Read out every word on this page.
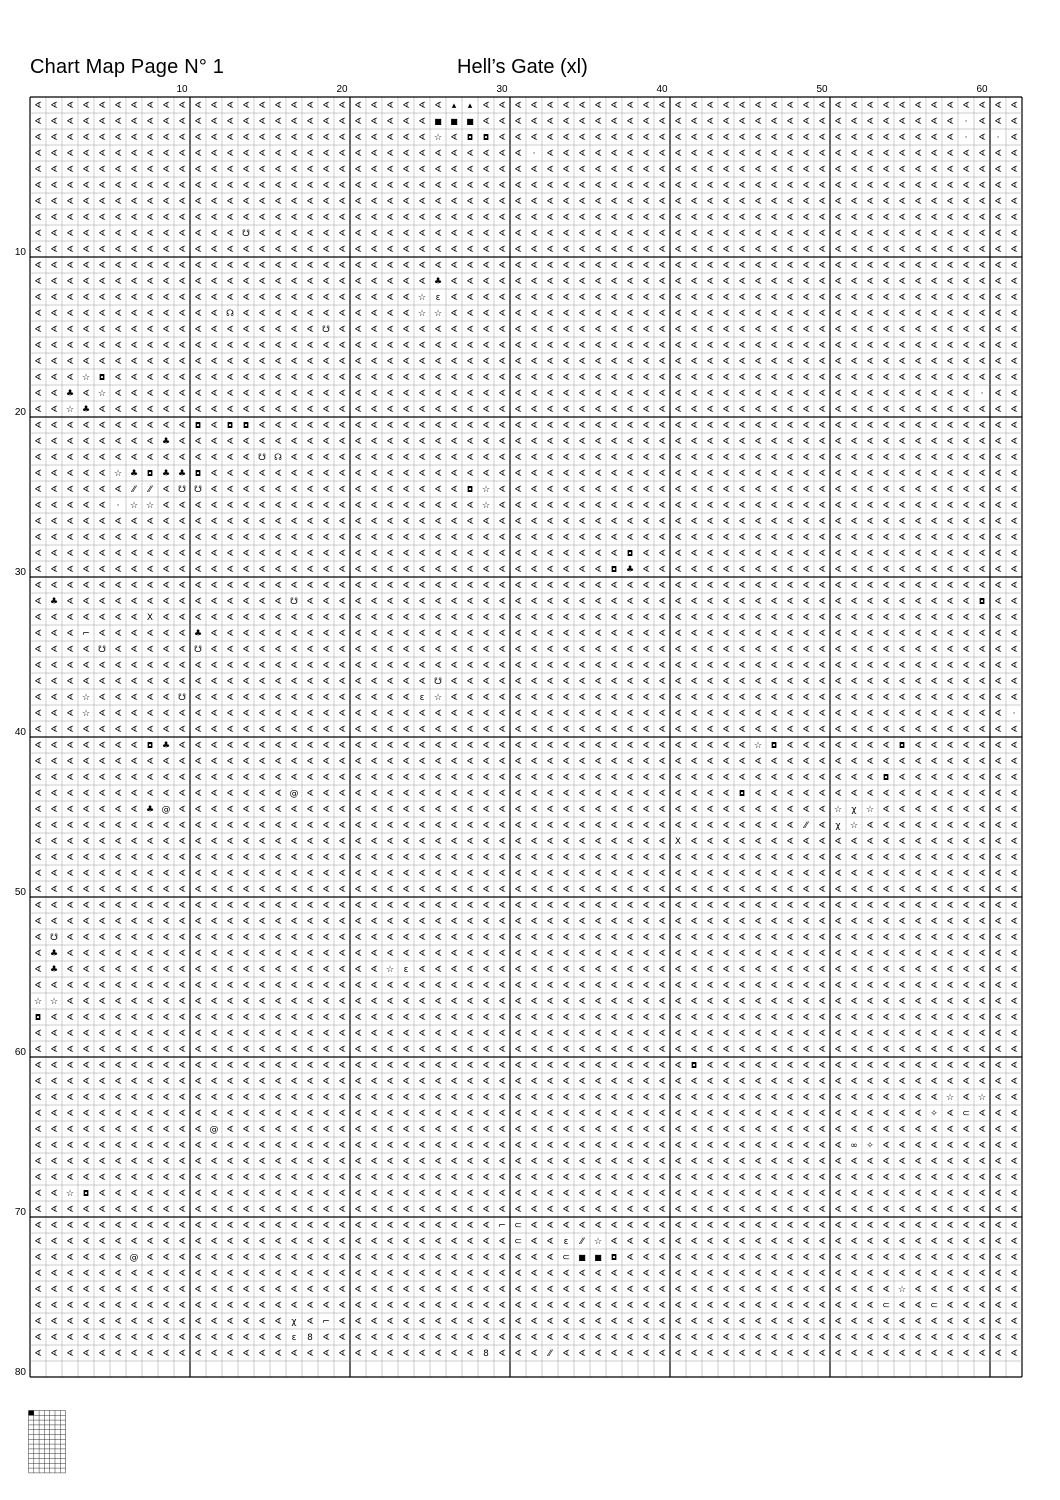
Chart Map Page N° 1	Hell’s Gate (xl)
∢ ∢ ∢ ∢ ∢ ∢ ∢ ∢ ∢ ∢ ∢ ∢ ∢ ∢ ∢ ∢ ∢ ∢ ∢ ∢ ∢ ∢ ∢ ∢ ∢ ∢ ▴ ▴ ∢ ∢ ∢ ∢ ∢ ∢ ∢ ∢ ∢ ∢ ∢ ∢ ∢ ∢ ∢ ∢ ∢ ∢ ∢ ∢ ∢ ∢ ∢ ∢ ∢ ∢ ∢ ∢ ∢ ∢ ∢ ∢ ∢ ∢
∢ ∢ ∢ ∢ ∢ ∢ ∢ ∢ ∢ ∢ ∢ ∢ ∢ ∢ ∢ ∢ ∢ ∢ ∢ ∢ ∢ ∢ ∢ ∢ ∢ ■ ■ ■ ∢ ∢ ∢ ∢ ∢ ∢ ∢ ∢ ∢ ∢ ∢ ∢ ∢ ∢ ∢ ∢ ∢ ∢ ∢ ∢ ∢ ∢ ∢ ∢ ∢ ∢ ∢ ∢ ∢ ∢ · ∢ ∢ ∢
∢ ∢ ∢ ∢ ∢ ∢ ∢ ∢ ∢ ∢ ∢ ∢ ∢ ∢ ∢ ∢ ∢ ∢ ∢ ∢ ∢ ∢ ∢ ∢ ∢ ☆ ∢ ◘ ◘ ∢ ∢ ∢ ∢ ∢ ∢ ∢ ∢ ∢ ∢ ∢ ∢ ∢ ∢ ∢ ∢ ∢ ∢ ∢ ∢ ∢ ∢ ∢ ∢ ∢ ∢ ∢ ∢ ∢ · ∢ · ∢
∢ ∢ ∢ ∢ ∢ ∢ ∢ ∢ ∢ ∢ ∢ ∢ ∢ ∢ ∢ ∢ ∢ ∢ ∢ ∢ ∢ ∢ ∢ ∢ ∢ ∢ ∢ ∢ ∢ ∢ ∢ · ∢ ∢ ∢ ∢ ∢ ∢ ∢ ∢ ∢ ∢ ∢ ∢ ∢ ∢ ∢ ∢ ∢ ∢ ∢ ∢ ∢ ∢ ∢ ∢ ∢ ∢ ∢ ∢ ∢ ∢
∢ ∢ ∢ ∢ ∢ ∢ ∢ ∢ ∢ ∢ ∢ ∢ ∢ ∢ ∢ ∢ ∢ ∢ ∢ ∢ ∢ ∢ ∢ ∢ ∢ ∢ ∢ ∢ ∢ ∢ ∢ ∢ ∢ ∢ ∢ ∢ ∢ ∢ ∢ ∢ ∢ ∢ ∢ ∢ ∢ ∢ ∢ ∢ ∢ ∢ ∢ ∢ ∢ ∢ ∢ ∢ ∢ ∢ ∢ ∢ ∢ ∢
∢ ∢ ∢ ∢ ∢ ∢ ∢ ∢ ∢ ∢ ∢ ∢ ∢ ∢ ∢ ∢ ∢ ∢ ∢ ∢ ∢ ∢ ∢ ∢ ∢ ∢ ∢ ∢ ∢ ∢ ∢ ∢ ∢ ∢ ∢ ∢ ∢ ∢ ∢ ∢ ∢ ∢ ∢ ∢ ∢ ∢ ∢ ∢ ∢ ∢ ∢ ∢ ∢ ∢ ∢ ∢ ∢ ∢ ∢ ∢ ∢ ∢
∢ ∢ ∢ ∢ ∢ ∢ ∢ ∢ ∢ ∢ ∢ ∢ ∢ ∢ ∢ ∢ ∢ ∢ ∢ ∢ ∢ ∢ ∢ ∢ ∢ ∢ ∢ ∢ ∢ ∢ ∢ ∢ ∢ ∢ ∢ ∢ ∢ ∢ ∢ ∢ ∢ ∢ ∢ ∢ ∢ ∢ ∢ ∢ ∢ ∢ ∢ ∢ ∢ ∢ ∢ ∢ ∢ ∢ ∢ ∢ ∢ ∢
∢ ∢ ∢ ∢ ∢ ∢ ∢ ∢ ∢ ∢ ∢ ∢ ∢ ∢ ∢ ∢ ∢ ∢ ∢ ∢ ∢ ∢ ∢ ∢ ∢ ∢ ∢ ∢ ∢ ∢ ∢ ∢ ∢ ∢ ∢ ∢ ∢ ∢ ∢ ∢ ∢ ∢ ∢ ∢ ∢ ∢ ∢ ∢ ∢ ∢ ∢ ∢ ∢ ∢ ∢ ∢ ∢ ∢ ∢ ∢ ∢ ∢
∢ ∢ ∢ ∢ ∢ ∢ ∢ ∢ ∢ ∢ ∢ ∢ ∢ ☋ ∢ ∢ ∢ ∢ ∢ ∢ ∢ ∢ ∢ ∢ ∢ ∢ ∢ ∢ ∢ ∢ ∢ ∢ ∢ ∢ ∢ ∢ ∢ ∢ ∢ ∢ ∢ ∢ ∢ ∢ ∢ ∢ ∢ ∢ ∢ ∢ ∢ ∢ ∢ ∢ ∢ ∢ ∢ ∢ ∢ ∢ ∢ ∢
∢ ∢ ∢ ∢ ∢ ∢ ∢ ∢ ∢ ∢ ∢ ∢ ∢ ∢ ∢ ∢ ∢ ∢ ∢ ∢ ∢ ∢ ∢ ∢ ∢ ∢ ∢ ∢ ∢ ∢ ∢ ∢ ∢ ∢ ∢ ∢ ∢ ∢ ∢ ∢ ∢ ∢ ∢ ∢ ∢ ∢ ∢ ∢ ∢ ∢ ∢ ∢ ∢ ∢ ∢ ∢ ∢ ∢ ∢ ∢ ∢ ∢
∢ ∢ ∢ ∢ ∢ ∢ ∢ ∢ ∢ ∢ ∢ ∢ ∢ ∢ ∢ ∢ ∢ ∢ ∢ ∢ ∢ ∢ ∢ ∢ ∢ ∢ ∢ ∢ ∢ ∢ ∢ ∢ ∢ ∢ ∢ ∢ ∢ ∢ ∢ ∢ ∢ ∢ ∢ ∢ ∢ ∢ ∢ ∢ ∢ ∢ ∢ ∢ ∢ ∢ ∢ ∢ ∢ ∢ ∢ ∢ ∢ ∢
∢ ∢ ∢ ∢ ∢ ∢ ∢ ∢ ∢ ∢ ∢ ∢ ∢ ∢ ∢ ∢ ∢ ∢ ∢ ∢ ∢ ∢ ∢ ∢ ∢ ♣ ∢ ∢ ∢ ∢ ∢ ∢ ∢ ∢ ∢ ∢ ∢ ∢ ∢ ∢ ∢ ∢ ∢ ∢ ∢ ∢ ∢ ∢ ∢ ∢ ∢ ∢ ∢ ∢ ∢ ∢ ∢ ∢ ∢ ∢ ∢ ∢
∢ ∢ ∢ ∢ ∢ ∢ ∢ ∢ ∢ ∢ ∢ ∢ ∢ ∢ ∢ ∢ ∢ ∢ ∢ ∢ ∢ ∢ ∢ ∢ ☆ ε ∢ ∢ ∢ ∢ ∢ ∢ ∢ ∢ ∢ ∢ ∢ ∢ ∢ ∢ ∢ ∢ ∢ ∢ ∢ ∢ ∢ ∢ ∢ ∢ ∢ ∢ ∢ ∢ ∢ ∢ ∢ ∢ ∢ ∢ ∢ ∢
∢ ∢ ∢ ∢ ∢ ∢ ∢ ∢ ∢ ∢ ∢ ∢ ☊ ∢ ∢ ∢ ∢ ∢ ∢ ∢ ∢ ∢ ∢ ∢ ☆ ☆ ∢ ∢ ∢ ∢ ∢ ∢ ∢ ∢ ∢ ∢ ∢ ∢ ∢ ∢ ∢ ∢ ∢ ∢ ∢ ∢ ∢ ∢ ∢ ∢ ∢ ∢ ∢ ∢ ∢ ∢ ∢ ∢ ∢ ∢ ∢ ∢
∢ ∢ ∢ ∢ ∢ ∢ ∢ ∢ ∢ ∢ ∢ ∢ ∢ ∢ ∢ ∢ ∢ ∢ ☋ ∢ ∢ ∢ ∢ ∢ ∢ ∢ ∢ ∢ ∢ ∢ ∢ ∢ ∢ ∢ ∢ ∢ ∢ ∢ ∢ ∢ ∢ ∢ ∢ ∢ ∢ ∢ ∢ ∢ ∢ ∢ ∢ ∢ ∢ ∢ ∢ ∢ ∢ ∢ ∢ ∢ ∢ ∢
∢ ∢ ∢ ∢ ∢ ∢ ∢ ∢ ∢ ∢ ∢ ∢ ∢ ∢ ∢ ∢ ∢ ∢ ∢ ∢ ∢ ∢ ∢ ∢ ∢ ∢ ∢ ∢ ∢ ∢ ∢ ∢ ∢ ∢ ∢ ∢ ∢ ∢ ∢ ∢ ∢ ∢ ∢ ∢ ∢ ∢ ∢ ∢ ∢ ∢ ∢ ∢ ∢ ∢ ∢ ∢ ∢ ∢ ∢ ∢ ∢ ∢
∢ ∢ ∢ ∢ ∢ ∢ ∢ ∢ ∢ ∢ ∢ ∢ ∢ ∢ ∢ ∢ ∢ ∢ ∢ ∢ ∢ ∢ ∢ ∢ ∢ ∢ ∢ ∢ ∢ ∢ ∢ ∢ ∢ ∢ ∢ ∢ ∢ ∢ ∢ ∢ ∢ ∢ ∢ ∢ ∢ ∢ ∢ ∢ ∢ ∢ ∢ ∢ ∢ ∢ ∢ ∢ ∢ ∢ ∢ ∢ ∢ ∢
∢ ∢ ∢ ☆ ◘ ∢ ∢ ∢ ∢ ∢ ∢ ∢ ∢ ∢ ∢ ∢ ∢ ∢ ∢ ∢ ∢ ∢ ∢ ∢ ∢ ∢ ∢ ∢ ∢ ∢ ∢ ∢ ∢ ∢ ∢ ∢ ∢ ∢ ∢ ∢ ∢ ∢ ∢ ∢ ∢ ∢ ∢ ∢ ∢ ∢ ∢ ∢ ∢ ∢ ∢ ∢ ∢ ∢ ∢ ∢ ∢ ∢
∢ ∢ ♣ ∢ ☆ ∢ ∢ ∢ ∢ ∢ ∢ ∢ ∢ ∢ ∢ ∢ ∢ ∢ ∢ ∢ ∢ ∢ ∢ ∢ ∢ ∢ ∢ ∢ ∢ ∢ ∢ ∢ ∢ ∢ ∢ ∢ ∢ ∢ ∢ ∢ ∢ ∢ ∢ ∢ ∢ ∢ ∢ ∢ ∢ ∢ ∢ ∢ ∢ ∢ ∢ ∢ ∢ ∢ ∢ · ∢ ∢
∢ ∢ ☆ ♣ ∢ ∢ ∢ ∢ ∢ ∢ ∢ ∢ ∢ ∢ ∢ ∢ ∢ ∢ ∢ ∢ ∢ ∢ ∢ ∢ ∢ ∢ ∢ ∢ ∢ ∢ ∢ ∢ ∢ ∢ ∢ ∢ ∢ ∢ ∢ ∢ ∢ ∢ ∢ ∢ ∢ ∢ ∢ ∢ ∢ ∢ ∢ ∢ ∢ ∢ ∢ ∢ ∢ ∢ ∢ ∢ ∢ ∢
∢ ∢ ∢ ∢ ∢ ∢ ∢ ∢ ∢ ∢ ◘ ∢ ◘ ◘ ∢ ∢ ∢ ∢ ∢ ∢ ∢ ∢ ∢ ∢ ∢ ∢ ∢ ∢ ∢ ∢ ∢ ∢ ∢ ∢ ∢ ∢ ∢ ∢ ∢ ∢ ∢ ∢ ∢ ∢ ∢ ∢ ∢ ∢ ∢ ∢ ∢ ∢ ∢ ∢ ∢ ∢ ∢ ∢ ∢ ∢ ∢ ∢
∢ ∢ ∢ ∢ ∢ ∢ ∢ ∢ ♣ ∢ ∢ ∢ ∢ ∢ ∢ ∢ ∢ ∢ ∢ ∢ ∢ ∢ ∢ ∢ ∢ ∢ ∢ ∢ ∢ ∢ ∢ ∢ ∢ ∢ ∢ ∢ ∢ ∢ ∢ ∢ ∢ ∢ ∢ ∢ ∢ ∢ ∢ ∢ ∢ ∢ ∢ ∢ ∢ ∢ ∢ ∢ ∢ ∢ ∢ ∢ ∢ ∢
∢ ∢ ∢ ∢ ∢ ∢ ∢ ∢ ∢ ∢ ∢ ∢ ∢ ∢ ☋ ☊ ∢ ∢ ∢ ∢ ∢ ∢ ∢ ∢ ∢ ∢ ∢ ∢ ∢ ∢ ∢ ∢ ∢ ∢ ∢ ∢ ∢ ∢ ∢ ∢ ∢ ∢ ∢ ∢ ∢ ∢ ∢ ∢ ∢ ∢ ∢ ∢ ∢ ∢ ∢ ∢ ∢ ∢ ∢ ∢ ∢ ∢
∢ ∢ ∢ ∢ ∢ ☆ ♣ ◘ ♣ ♣ ◘ ∢ ∢ ∢ ∢ ∢ ∢ ∢ ∢ ∢ ∢ ∢ ∢ ∢ ∢ ∢ ∢ ∢ ∢ ∢ ∢ ∢ ∢ ∢ ∢ ∢ ∢ ∢ ∢ ∢ ∢ ∢ ∢ ∢ ∢ ∢ ∢ ∢ ∢ ∢ ∢ ∢ ∢ ∢ ∢ ∢ ∢ ∢ ∢ ∢ ∢ ∢
∢ ∢ ∢ ∢ ∢ ∢ ⁄⁄ ⁄⁄ ∢ ☋ ☋ ∢ ∢ ∢ ∢ ∢ ∢ ∢ ∢ ∢ ∢ ∢ ∢ ∢ ∢ ∢ ∢ ◘ ☆ ∢ ∢ ∢ ∢ ∢ ∢ ∢ ∢ ∢ ∢ ∢ ∢ ∢ ∢ ∢ ∢ ∢ ∢ ∢ ∢ ∢ ∢ ∢ ∢ ∢ ∢ ∢ ∢ ∢ ∢ ∢ ∢ ∢
∢ ∢ ∢ ∢ ∢ · ☆ ☆ ∢ ∢ ∢ ∢ ∢ ∢ ∢ ∢ ∢ ∢ ∢ ∢ ∢ ∢ ∢ ∢ ∢ ∢ ∢ ∢ ☆ ∢ ∢ ∢ ∢ ∢ ∢ ∢ ∢ ∢ ∢ ∢ ∢ ∢ ∢ ∢ ∢ ∢ ∢ ∢ ∢ ∢ ∢ ∢ ∢ ∢ ∢ ∢ ∢ ∢ ∢ ∢ ∢ ∢
∢ ∢ ∢ ∢ ∢ ∢ ∢ ∢ ∢ ∢ ∢ ∢ ∢ ∢ ∢ ∢ ∢ ∢ ∢ ∢ ∢ ∢ ∢ ∢ ∢ ∢ ∢ ∢ ∢ ∢ ∢ ∢ ∢ ∢ ∢ ∢ ∢ ∢ ∢ ∢ ∢ ∢ ∢ ∢ ∢ ∢ ∢ ∢ ∢ ∢ ∢ ∢ ∢ ∢ ∢ ∢ ∢ ∢ ∢ ∢ ∢ ∢
∢ ∢ ∢ ∢ ∢ ∢ ∢ ∢ ∢ ∢ ∢ ∢ ∢ ∢ ∢ ∢ ∢ ∢ ∢ ∢ ∢ ∢ ∢ ∢ ∢ ∢ ∢ ∢ ∢ ∢ ∢ ∢ ∢ ∢ ∢ ∢ ∢ ∢ ∢ ∢ ∢ ∢ ∢ ∢ ∢ ∢ ∢ ∢ ∢ ∢ ∢ ∢ ∢ ∢ ∢ ∢ ∢ ∢ ∢ ∢ ∢ ∢
∢ ∢ ∢ ∢ ∢ ∢ ∢ ∢ ∢ ∢ ∢ ∢ ∢ ∢ ∢ ∢ ∢ ∢ ∢ ∢ ∢ ∢ ∢ ∢ ∢ ∢ ∢ ∢ ∢ ∢ ∢ ∢ ∢ ∢ ∢ ∢ ∢ ◘ ∢ ∢ ∢ ∢ ∢ ∢ ∢ ∢ ∢ ∢ ∢ ∢ ∢ ∢ ∢ ∢ ∢ ∢ ∢ ∢ ∢ ∢ ∢ ∢
∢ ∢ ∢ ∢ ∢ ∢ ∢ ∢ ∢ ∢ ∢ ∢ ∢ ∢ ∢ ∢ ∢ ∢ ∢ ∢ ∢ ∢ ∢ ∢ ∢ ∢ ∢ ∢ ∢ ∢ ∢ ∢ ∢ ∢ ∢ ∢ ◘ ♣ ∢ ∢ ∢ ∢ ∢ ∢ ∢ ∢ ∢ ∢ ∢ ∢ ∢ ∢ ∢ ∢ ∢ ∢ ∢ ∢ ∢ ∢ ∢ ∢
∢ ∢ ∢ ∢ ∢ ∢ ∢ ∢ ∢ ∢ ∢ ∢ ∢ ∢ ∢ ∢ ∢ ∢ ∢ ∢ ∢ ∢ ∢ ∢ ∢ ∢ ∢ ∢ ∢ ∢ ∢ ∢ ∢ ∢ ∢ ∢ ∢ ∢ ∢ ∢ ∢ ∢ ∢ ∢ ∢ ∢ ∢ ∢ ∢ ∢ ∢ ∢ ∢ ∢ ∢ ∢ ∢ ∢ ∢ ∢ ∢ ∢
∢ ♣ ∢ ∢ ∢ ∢ ∢ ∢ ∢ ∢ ∢ ∢ ∢ ∢ ∢ ∢ ☋ ∢ ∢ ∢ ∢ ∢ ∢ ∢ ∢ ∢ ∢ ∢ ∢ ∢ ∢ ∢ ∢ ∢ ∢ ∢ ∢ ∢ ∢ ∢ ∢ ∢ ∢ ∢ ∢ ∢ ∢ ∢ ∢ ∢ ∢ ∢ ∢ ∢ ∢ ∢ ∢ ∢ ∢ ◘ ∢ ∢
∢ ∢ ∢ ∢ ∢ ∢ ∢ X ∢ ∢ ∢ ∢ ∢ ∢ ∢ ∢ ∢ ∢ ∢ ∢ ∢ ∢ ∢ ∢ ∢ ∢ ∢ ∢ ∢ ∢ ∢ ∢ ∢ ∢ ∢ ∢ ∢ ∢ ∢ ∢ ∢ ∢ ∢ ∢ ∢ ∢ ∢ ∢ ∢ ∢ ∢ ∢ ∢ ∢ ∢ ∢ ∢ ∢ ∢ ∢ ∢ ∢
∢ ∢ ∢ ⌐ ∢ ∢ ∢ ∢ ∢ ∢ ♣ ∢ ∢ ∢ ∢ ∢ ∢ ∢ ∢ ∢ ∢ ∢ ∢ ∢ ∢ ∢ ∢ ∢ ∢ ∢ ∢ ∢ ∢ ∢ ∢ ∢ ∢ ∢ ∢ ∢ ∢ ∢ ∢ ∢ ∢ ∢ ∢ ∢ ∢ ∢ ∢ ∢ ∢ ∢ ∢ ∢ ∢ ∢ ∢ ∢ ∢ ∢
∢ ∢ ∢ ∢ ☋ ∢ ∢ ∢ ∢ ∢ ☋ ∢ ∢ ∢ ∢ ∢ ∢ ∢ ∢ ∢ ∢ ∢ ∢ ∢ ∢ ∢ ∢ ∢ ∢ ∢ ∢ ∢ ∢ ∢ ∢ ∢ ∢ ∢ ∢ ∢ ∢ ∢ ∢ ∢ ∢ ∢ ∢ ∢ ∢ ∢ ∢ ∢ ∢ ∢ ∢ ∢ ∢ ∢ ∢ ∢ ∢ ∢
∢ ∢ ∢ ∢ ∢ ∢ ∢ ∢ ∢ ∢ ∢ ∢ ∢ ∢ ∢ ∢ ∢ ∢ ∢ ∢ ∢ ∢ ∢ ∢ ∢ ∢ ∢ ∢ ∢ ∢ ∢ ∢ ∢ ∢ ∢ ∢ ∢ ∢ ∢ ∢ ∢ ∢ ∢ ∢ ∢ ∢ ∢ ∢ ∢ ∢ ∢ ∢ ∢ ∢ ∢ ∢ ∢ ∢ ∢ ∢ ∢ ∢
∢ ∢ ∢ ∢ ∢ ∢ ∢ ∢ ∢ ∢ ∢ ∢ ∢ ∢ ∢ ∢ ∢ ∢ ∢ ∢ ∢ ∢ ∢ ∢ ∢ ☋ ∢ ∢ ∢ ∢ ∢ ∢ ∢ ∢ ∢ ∢ ∢ ∢ ∢ ∢ ∢ ∢ ∢ ∢ ∢ ∢ ∢ ∢ ∢ ∢ ∢ ∢ ∢ ∢ ∢ ∢ ∢ ∢ ∢ ∢ ∢ ∢
∢ ∢ ∢ ☆ ∢ ∢ ∢ ∢ ∢ ☋ ∢ ∢ ∢ ∢ ∢ ∢ ∢ ∢ ∢ ∢ ∢ ∢ ∢ ∢ ε ☆ ∢ ∢ ∢ ∢ ∢ ∢ ∢ ∢ ∢ ∢ ∢ ∢ ∢ ∢ ∢ ∢ ∢ ∢ ∢ ∢ ∢ ∢ ∢ ∢ ∢ ∢ ∢ ∢ ∢ ∢ ∢ ∢ ∢ ∢ ∢ ∢
∢ ∢ ∢ ☆ ∢ ∢ ∢ ∢ ∢ ∢ ∢ ∢ ∢ ∢ ∢ ∢ ∢ ∢ ∢ ∢ ∢ ∢ ∢ ∢ ∢ ∢ ∢ ∢ ∢ ∢ ∢ ∢ ∢ ∢ ∢ ∢ ∢ ∢ ∢ ∢ ∢ ∢ ∢ ∢ ∢ ∢ ∢ ∢ ∢ ∢ ∢ ∢ ∢ ∢ ∢ ∢ ∢ ∢ ∢ ∢ ∢ ·
∢ ∢ ∢ ∢ ∢ ∢ ∢ ∢ ∢ ∢ ∢ ∢ ∢ ∢ ∢ ∢ ∢ ∢ ∢ ∢ ∢ ∢ ∢ ∢ ∢ ∢ ∢ ∢ ∢ ∢ ∢ ∢ ∢ ∢ ∢ ∢ ∢ ∢ ∢ ∢ ∢ ∢ ∢ ∢ ∢ ∢ ∢ ∢ ∢ ∢ ∢ ∢ ∢ ∢ ∢ ∢ ∢ ∢ ∢ ∢ ∢ ∢
∢ ∢ ∢ ∢ ∢ ∢ ∢ ◘ ♣ ∢ ∢ ∢ ∢ ∢ ∢ ∢ ∢ ∢ ∢ ∢ ∢ ∢ ∢ ∢ ∢ ∢ ∢ ∢ ∢ ∢ ∢ ∢ ∢ ∢ ∢ ∢ ∢ ∢ ∢ ∢ ∢ ∢ ∢ ∢ ∢ ☆ ◘ ∢ ∢ ∢ ∢ ∢ ∢ ∢ ◘ ∢ ∢ ∢ ∢ ∢ ∢ ∢
∢ ∢ ∢ ∢ ∢ ∢ ∢ ∢ ∢ ∢ ∢ ∢ ∢ ∢ ∢ ∢ ∢ ∢ ∢ ∢ ∢ ∢ ∢ ∢ ∢ ∢ ∢ ∢ ∢ ∢ ∢ ∢ ∢ ∢ ∢ ∢ ∢ ∢ ∢ ∢ ∢ ∢ ∢ ∢ ∢ ∢ ∢ ∢ ∢ ∢ ∢ ∢ ∢ ∢ ∢ ∢ ∢ ∢ ∢ ∢ ∢ ∢
∢ ∢ ∢ ∢ ∢ ∢ ∢ ∢ ∢ ∢ ∢ ∢ ∢ ∢ ∢ ∢ ∢ ∢ ∢ ∢ ∢ ∢ ∢ ∢ ∢ ∢ ∢ ∢ ∢ ∢ ∢ ∢ ∢ ∢ ∢ ∢ ∢ ∢ ∢ ∢ ∢ ∢ ∢ ∢ ∢ ∢ ∢ ∢ ∢ ∢ ∢ ∢ ∢ ◘ ∢ ∢ ∢ ∢ ∢ ∢ ∢ ∢
∢ ∢ ∢ ∢ ∢ ∢ ∢ ∢ ∢ ∢ ∢ ∢ ∢ ∢ ∢ ∢ @ ∢ ∢ ∢ ∢ ∢ ∢ ∢ ∢ ∢ ∢ ∢ ∢ ∢ ∢ ∢ ∢ ∢ ∢ ∢ ∢ ∢ ∢ ∢ ∢ ∢ ∢ ∢ ◘ ∢ ∢ ∢ ∢ ∢ ∢ ∢ ∢ ∢ ∢ ∢ ∢ ∢ ∢ ∢ ∢ ∢
∢ ∢ ∢ ∢ ∢ ∢ ∢ ♣ @ ∢ ∢ ∢ ∢ ∢ ∢ ∢ ∢ ∢ ∢ ∢ ∢ ∢ ∢ ∢ ∢ ∢ ∢ ∢ ∢ ∢ ∢ ∢ ∢ ∢ ∢ ∢ ∢ ∢ ∢ ∢ ∢ ∢ ∢ ∢ ∢ ∢ ∢ ∢ ∢ ∢ ☆ χ ☆ ∢ ∢ ∢ ∢ ∢ ∢ ∢ ∢ ∢
∢ ∢ ∢ ∢ ∢ ∢ ∢ ∢ ∢ ∢ ∢ ∢ ∢ ∢ ∢ ∢ ∢ ∢ ∢ ∢ ∢ ∢ ∢ ∢ ∢ ∢ ∢ ∢ ∢ ∢ ∢ ∢ ∢ ∢ ∢ ∢ ∢ ∢ ∢ ∢ ∢ ∢ ∢ ∢ ∢ ∢ ∢ ∢ ⁄⁄ ∢ χ ☆ ∢ ∢ ∢ ∢ ∢ ∢ ∢ ∢ ∢ ∢
∢ ∢ ∢ ∢ ∢ ∢ ∢ ∢ ∢ ∢ ∢ ∢ ∢ ∢ ∢ ∢ ∢ ∢ ∢ ∢ ∢ ∢ ∢ ∢ ∢ ∢ ∢ ∢ ∢ ∢ ∢ ∢ ∢ ∢ ∢ ∢ ∢ ∢ ∢ ∢ X ∢ ∢ ∢ ∢ ∢ ∢ ∢ ∢ ∢ ∢ ∢ ∢ ∢ ∢ ∢ ∢ ∢ ∢ ∢ ∢ ∢
∢ ∢ ∢ ∢ ∢ ∢ ∢ ∢ ∢ ∢ ∢ ∢ ∢ ∢ ∢ ∢ ∢ ∢ ∢ ∢ ∢ ∢ ∢ ∢ ∢ ∢ ∢ ∢ ∢ ∢ ∢ ∢ ∢ ∢ ∢ ∢ ∢ ∢ ∢ ∢ ∢ ∢ ∢ ∢ ∢ ∢ ∢ ∢ ∢ ∢ ∢ ∢ ∢ ∢ ∢ ∢ ∢ ∢ ∢ ∢ ∢ ∢
∢ ∢ ∢ ∢ ∢ ∢ ∢ ∢ ∢ ∢ ∢ ∢ ∢ ∢ ∢ ∢ ∢ ∢ ∢ ∢ ∢ ∢ ∢ ∢ ∢ ∢ ∢ ∢ ∢ ∢ ∢ ∢ ∢ ∢ ∢ ∢ ∢ ∢ ∢ ∢ ∢ ∢ ∢ ∢ ∢ ∢ ∢ ∢ ∢ ∢ ∢ ∢ ∢ ∢ ∢ ∢ ∢ ∢ ∢ ∢ ∢ ∢
∢ ∢ ∢ ∢ ∢ ∢ ∢ ∢ ∢ ∢ ∢ ∢ ∢ ∢ ∢ ∢ ∢ ∢ ∢ ∢ ∢ ∢ ∢ ∢ ∢ ∢ ∢ ∢ ∢ ∢ ∢ ∢ ∢ ∢ ∢ ∢ ∢ ∢ ∢ ∢ ∢ ∢ ∢ ∢ ∢ ∢ ∢ ∢ ∢ ∢ ∢ ∢ ∢ ∢ ∢ ∢ ∢ ∢ ∢ ∢ ∢ ∢
∢ ∢ ∢ ∢ ∢ ∢ ∢ ∢ ∢ ∢ ∢ ∢ ∢ ∢ ∢ ∢ ∢ ∢ ∢ ∢ ∢ ∢ ∢ ∢ ∢ ∢ ∢ ∢ ∢ ∢ ∢ ∢ ∢ ∢ ∢ ∢ ∢ ∢ ∢ ∢ ∢ ∢ ∢ ∢ ∢ ∢ ∢ ∢ ∢ ∢ ∢ ∢ ∢ ∢ ∢ ∢ ∢ ∢ ∢ ∢ ∢ ∢
∢ ∢ ∢ ∢ ∢ ∢ ∢ ∢ ∢ ∢ ∢ ∢ ∢ ∢ ∢ ∢ ∢ ∢ ∢ ∢ ∢ ∢ ∢ ∢ ∢ ∢ ∢ ∢ ∢ ∢ ∢ ∢ ∢ ∢ ∢ ∢ ∢ ∢ ∢ ∢ ∢ ∢ ∢ ∢ ∢ ∢ ∢ ∢ ∢ ∢ ∢ ∢ ∢ ∢ ∢ ∢ ∢ ∢ ∢ ∢ ∢ ∢
∢ ☋ ∢ ∢ ∢ ∢ ∢ ∢ ∢ ∢ ∢ ∢ ∢ ∢ ∢ ∢ ∢ ∢ ∢ ∢ ∢ ∢ ∢ ∢ ∢ ∢ ∢ ∢ ∢ ∢ ∢ ∢ ∢ ∢ ∢ ∢ ∢ ∢ ∢ ∢ ∢ ∢ ∢ ∢ ∢ ∢ ∢ ∢ ∢ ∢ ∢ ∢ ∢ ∢ ∢ ∢ ∢ ∢ ∢ ∢ ∢ ∢
∢ ♣ ∢ ∢ ∢ ∢ ∢ ∢ ∢ ∢ ∢ ∢ ∢ ∢ ∢ ∢ ∢ ∢ ∢ ∢ ∢ ∢ ∢ ∢ ∢ ∢ ∢ ∢ ∢ ∢ ∢ ∢ ∢ ∢ ∢ ∢ ∢ ∢ ∢ ∢ ∢ ∢ ∢ ∢ ∢ ∢ ∢ ∢ ∢ ∢ ∢ ∢ ∢ ∢ ∢ ∢ ∢ ∢ ∢ ∢ ∢ ∢
∢ ♣ ∢ ∢ ∢ ∢ ∢ ∢ ∢ ∢ ∢ ∢ ∢ ∢ ∢ ∢ ∢ ∢ ∢ ∢ ∢ ∢ ☆ ε ∢ ∢ ∢ ∢ ∢ ∢ ∢ ∢ ∢ ∢ ∢ ∢ ∢ ∢ ∢ ∢ ∢ ∢ ∢ ∢ ∢ ∢ ∢ ∢ ∢ ∢ ∢ ∢ ∢ ∢ ∢ ∢ ∢ ∢ ∢ ∢ ∢ ∢
∢ ∢ ∢ ∢ ∢ ∢ ∢ ∢ ∢ ∢ ∢ ∢ ∢ ∢ ∢ ∢ ∢ ∢ ∢ ∢ ∢ ∢ ∢ ∢ ∢ ∢ ∢ ∢ ∢ ∢ ∢ ∢ ∢ ∢ ∢ ∢ ∢ ∢ ∢ ∢ ∢ ∢ ∢ ∢ ∢ ∢ ∢ ∢ ∢ ∢ ∢ ∢ ∢ ∢ ∢ ∢ ∢ ∢ ∢ ∢ ∢ ∢
☆ ☆ ∢ ∢ ∢ ∢ ∢ ∢ ∢ ∢ ∢ ∢ ∢ ∢ ∢ ∢ ∢ ∢ ∢ ∢ ∢ ∢ ∢ ∢ ∢ ∢ ∢ ∢ ∢ ∢ ∢ ∢ ∢ ∢ ∢ ∢ ∢ ∢ ∢ ∢ ∢ ∢ ∢ ∢ ∢ ∢ ∢ ∢ ∢ ∢ ∢ ∢ ∢ ∢ ∢ ∢ ∢ ∢ ∢ ∢ ∢ ∢
◘ ∢ ∢ ∢ ∢ ∢ ∢ ∢ ∢ ∢ ∢ ∢ ∢ ∢ ∢ ∢ ∢ ∢ ∢ ∢ ∢ ∢ ∢ ∢ ∢ ∢ ∢ ∢ ∢ ∢ ∢ ∢ ∢ ∢ ∢ ∢ ∢ ∢ ∢ ∢ ∢ ∢ ∢ ∢ ∢ ∢ ∢ ∢ ∢ ∢ ∢ ∢ ∢ ∢ ∢ ∢ ∢ ∢ ∢ ∢ ∢ ∢
∢ ∢ ∢ ∢ ∢ ∢ ∢ ∢ ∢ ∢ ∢ ∢ ∢ ∢ ∢ ∢ ∢ ∢ ∢ ∢ ∢ ∢ ∢ ∢ ∢ ∢ ∢ ∢ ∢ ∢ ∢ ∢ ∢ ∢ ∢ ∢ ∢ ∢ ∢ ∢ ∢ ∢ ∢ ∢ ∢ ∢ ∢ ∢ ∢ ∢ ∢ ∢ ∢ ∢ ∢ ∢ ∢ ∢ ∢ ∢ ∢ ∢
∢ ∢ ∢ ∢ ∢ ∢ ∢ ∢ ∢ ∢ ∢ ∢ ∢ ∢ ∢ ∢ ∢ ∢ ∢ ∢ ∢ ∢ ∢ ∢ ∢ ∢ ∢ ∢ ∢ ∢ ∢ ∢ ∢ ∢ ∢ ∢ ∢ ∢ ∢ ∢ ∢ ∢ ∢ ∢ ∢ ∢ ∢ ∢ ∢ ∢ ∢ ∢ ∢ ∢ ∢ ∢ ∢ ∢ ∢ ∢ ∢ ∢
∢ ∢ ∢ ∢ ∢ ∢ ∢ ∢ ∢ ∢ ∢ ∢ ∢ ∢ ∢ ∢ ∢ ∢ ∢ ∢ ∢ ∢ ∢ ∢ ∢ ∢ ∢ ∢ ∢ ∢ ∢ ∢ ∢ ∢ ∢ ∢ ∢ ∢ ∢ ∢ ∢ ◘ ∢ ∢ ∢ ∢ ∢ ∢ ∢ ∢ ∢ ∢ ∢ ∢ ∢ ∢ ∢ ∢ ∢ ∢ ∢ ∢
∢ ∢ ∢ ∢ ∢ ∢ ∢ ∢ ∢ ∢ ∢ ∢ ∢ ∢ ∢ ∢ ∢ ∢ ∢ ∢ ∢ ∢ ∢ ∢ ∢ ∢ ∢ ∢ ∢ ∢ ∢ ∢ ∢ ∢ ∢ ∢ ∢ ∢ ∢ ∢ ∢ ∢ ∢ ∢ ∢ ∢ ∢ ∢ ∢ ∢ ∢ ∢ ∢ ∢ ∢ ∢ ∢ ∢ ∢ ∢ ∢ ∢
∢ ∢ ∢ ∢ ∢ ∢ ∢ ∢ ∢ ∢ ∢ ∢ ∢ ∢ ∢ ∢ ∢ ∢ ∢ ∢ ∢ ∢ ∢ ∢ ∢ ∢ ∢ ∢ ∢ ∢ ∢ ∢ ∢ ∢ ∢ ∢ ∢ ∢ ∢ ∢ ∢ ∢ ∢ ∢ ∢ ∢ ∢ ∢ ∢ ∢ ∢ ∢ ∢ ∢ ∢ ∢ ∢ ☆ ∢ ☆ ∢ ∢
∢ ∢ ∢ ∢ ∢ ∢ ∢ ∢ ∢ ∢ ∢ ∢ ∢ ∢ ∢ ∢ ∢ ∢ ∢ ∢ ∢ ∢ ∢ ∢ ∢ ∢ ∢ ∢ ∢ ∢ ∢ ∢ ∢ ∢ ∢ ∢ ∢ ∢ ∢ ∢ ∢ ∢ ∢ ∢ ∢ ∢ ∢ ∢ ∢ ∢ ∢ ∢ ∢ ∢ ∢ ∢ ✧ ∢ ⊂ ∢ ∢ ∢
∢ ∢ ∢ ∢ ∢ ∢ ∢ ∢ ∢ ∢ ∢ @ ∢ ∢ ∢ ∢ ∢ ∢ ∢ ∢ ∢ ∢ ∢ ∢ ∢ ∢ ∢ ∢ ∢ ∢ ∢ ∢ ∢ ∢ ∢ ∢ ∢ ∢ ∢ ∢ ∢ ∢ ∢ ∢ ∢ ∢ ∢ ∢ ∢ ∢ ∢ ∢ ∢ ∢ ∢ ∢ ∢ ∢ ∢ ∢ ∢ ∢
∢ ∢ ∢ ∢ ∢ ∢ ∢ ∢ ∢ ∢ ∢ ∢ ∢ ∢ ∢ ∢ ∢ ∢ ∢ ∢ ∢ ∢ ∢ ∢ ∢ ∢ ∢ ∢ ∢ ∢ ∢ ∢ ∢ ∢ ∢ ∢ ∢ ∢ ∢ ∢ ∢ ∢ ∢ ∢ ∢ ∢ ∢ ∢ ∢ ∢ ∢ ∞ ✧ ∢ ∢ ∢ ∢ ∢ ∢ ∢ ∢ ∢
∢ ∢ ∢ ∢ ∢ ∢ ∢ ∢ ∢ ∢ ∢ ∢ ∢ ∢ ∢ ∢ ∢ ∢ ∢ ∢ ∢ ∢ ∢ ∢ ∢ ∢ ∢ ∢ ∢ ∢ ∢ ∢ ∢ ∢ ∢ ∢ ∢ ∢ ∢ ∢ ∢ ∢ ∢ ∢ ∢ ∢ ∢ ∢ ∢ ∢ ∢ ∢ ∢ ∢ ∢ ∢ ∢ ∢ ∢ ∢ ∢ ∢
∢ ∢ ∢ ∢ ∢ ∢ ∢ ∢ ∢ ∢ ∢ ∢ ∢ ∢ ∢ ∢ ∢ ∢ ∢ ∢ ∢ ∢ ∢ ∢ ∢ ∢ ∢ ∢ ∢ ∢ ∢ ∢ ∢ ∢ ∢ ∢ ∢ ∢ ∢ ∢ ∢ ∢ ∢ ∢ ∢ ∢ ∢ ∢ ∢ ∢ ∢ ∢ ∢ ∢ ∢ ∢ ∢ ∢ ∢ ∢ ∢ ∢
∢ ∢ ☆ ◘ ∢ ∢ ∢ ∢ ∢ ∢ ∢ ∢ ∢ ∢ ∢ ∢ ∢ ∢ ∢ ∢ ∢ ∢ ∢ ∢ ∢ ∢ ∢ ∢ ∢ ∢ ∢ ∢ ∢ ∢ ∢ ∢ ∢ ∢ ∢ ∢ ∢ ∢ ∢ ∢ ∢ ∢ ∢ ∢ ∢ ∢ ∢ ∢ ∢ ∢ ∢ ∢ ∢ ∢ ∢ ∢ ∢ ∢
∢ ∢ ∢ ∢ ∢ ∢ ∢ ∢ ∢ ∢ ∢ ∢ ∢ ∢ ∢ ∢ ∢ ∢ ∢ ∢ ∢ ∢ ∢ ∢ ∢ ∢ ∢ ∢ ∢ ∢ ∢ ∢ ∢ ∢ ∢ ∢ ∢ ∢ ∢ ∢ ∢ ∢ ∢ ∢ ∢ ∢ ∢ ∢ ∢ ∢ ∢ ∢ ∢ ∢ ∢ ∢ ∢ ∢ ∢ ∢ ∢ ∢
∢ ∢ ∢ ∢ ∢ ∢ ∢ ∢ ∢ ∢ ∢ ∢ ∢ ∢ ∢ ∢ ∢ ∢ ∢ ∢ ∢ ∢ ∢ ∢ ∢ ∢ ∢ ∢ ∢ ⌐ ⊂ ∢ ∢ ∢ ∢ ∢ ∢ ∢ ∢ ∢ ∢ ∢ ∢ ∢ ∢ ∢ ∢ ∢ ∢ ∢ ∢ ∢ ∢ ∢ ∢ ∢ ∢ ∢ ∢ ∢ ∢ ∢
∢ ∢ ∢ ∢ ∢ ∢ ∢ ∢ ∢ ∢ ∢ ∢ ∢ ∢ ∢ ∢ ∢ ∢ ∢ ∢ ∢ ∢ ∢ ∢ ∢ ∢ ∢ ∢ ∢ ∢ ⊂ ∢ ∢ ε ⁄⁄ ☆ ∢ ∢ ∢ ∢ ∢ ∢ ∢ ∢ ∢ ∢ ∢ ∢ ∢ ∢ ∢ ∢ ∢ ∢ ∢ ∢ ∢ ∢ ∢ ∢ ∢ ∢
∢ ∢ ∢ ∢ ∢ ∢ @ ∢ ∢ ∢ ∢ ∢ ∢ ∢ ∢ ∢ ∢ ∢ ∢ ∢ ∢ ∢ ∢ ∢ ∢ ∢ ∢ ∢ ∢ ∢ ∢ ∢ ∢ ⊂ ■ ■ ◘ ∢ ∢ ∢ ∢ ∢ ∢ ∢ ∢ ∢ ∢ ∢ ∢ ∢ ∢ ∢ ∢ ∢ ∢ ∢ ∢ ∢ ∢ ∢ ∢ ∢
∢ ∢ ∢ ∢ ∢ ∢ ∢ ∢ ∢ ∢ ∢ ∢ ∢ ∢ ∢ ∢ ∢ ∢ ∢ ∢ ∢ ∢ ∢ ∢ ∢ ∢ ∢ ∢ ∢ ∢ ∢ ∢ ∢ ∢ ∢ ∢ ∢ ∢ ∢ ∢ ∢ ∢ ∢ ∢ ∢ ∢ ∢ ∢ ∢ ∢ ∢ ∢ ∢ ∢ ∢ ∢ ∢ ∢ ∢ ∢ ∢ ∢
∢ ∢ ∢ ∢ ∢ ∢ ∢ ∢ ∢ ∢ ∢ ∢ ∢ ∢ ∢ ∢ ∢ ∢ ∢ ∢ ∢ ∢ ∢ ∢ ∢ ∢ ∢ ∢ ∢ ∢ ∢ ∢ ∢ ∢ ∢ ∢ ∢ ∢ ∢ ∢ ∢ ∢ ∢ ∢ ∢ ∢ ∢ ∢ ∢ ∢ ∢ ∢ ∢ ∢ ☆ ∢ ∢ ∢ ∢ ∢ ∢ ∢
∢ ∢ ∢ ∢ ∢ ∢ ∢ ∢ ∢ ∢ ∢ ∢ ∢ ∢ ∢ ∢ ∢ ∢ ∢ ∢ ∢ ∢ ∢ ∢ ∢ ∢ ∢ ∢ ∢ ∢ ∢ ∢ ∢ ∢ ∢ ∢ ∢ ∢ ∢ ∢ ∢ ∢ ∢ ∢ ∢ ∢ ∢ ∢ ∢ ∢ ∢ ∢ ∢ ⊂ ∢ ∢ ⊂ ∢ ∢ ∢ ∢ ∢
∢ ∢ ∢ ∢ ∢ ∢ ∢ ∢ ∢ ∢ ∢ ∢ ∢ ∢ ∢ ∢ χ ∢ ⌐ ∢ ∢ ∢ ∢ ∢ ∢ ∢ ∢ ∢ ∢ ∢ ∢ ∢ ∢ ∢ ∢ ∢ ∢ ∢ ∢ ∢ ∢ ∢ ∢ ∢ ∢ ∢ ∢ ∢ ∢ ∢ ∢ ∢ ∢ ∢ ∢ ∢ ∢ ∢ ∢ ∢ ∢ ∢
∢ ∢ ∢ ∢ ∢ ∢ ∢ ∢ ∢ ∢ ∢ ∢ ∢ ∢ ∢ ∢ ε 8 ∢ ∢ ∢ ∢ ∢ ∢ ∢ ∢ ∢ ∢ ∢ ∢ ∢ ∢ ∢ ∢ ∢ ∢ ∢ ∢ ∢ ∢ ∢ ∢ ∢ ∢ ∢ ∢ ∢ ∢ ∢ ∢ ∢ ∢ ∢ ∢ ∢ ∢ ∢ ∢ ∢ ∢ ∢ ∢
∢ ∢ ∢ ∢ ∢ ∢ ∢ ∢ ∢ ∢ ∢ ∢ ∢ ∢ ∢ ∢ ∢ ∢ ∢ ∢ ∢ ∢ ∢ ∢ ∢ ∢ ∢ ∢ 8 ∢ ∢ ∢ ⁄⁄ ∢ ∢ ∢ ∢ ∢ ∢ ∢ ∢ ∢ ∢ ∢ ∢ ∢ ∢ ∢ ∢ ∢ ∢ ∢ ∢ ∢ ∢ ∢ ∢ ∢ ∢ ∢ ∢ ∢
10	20	30	40	50	60
10
20
30
40
50
60
70
80
